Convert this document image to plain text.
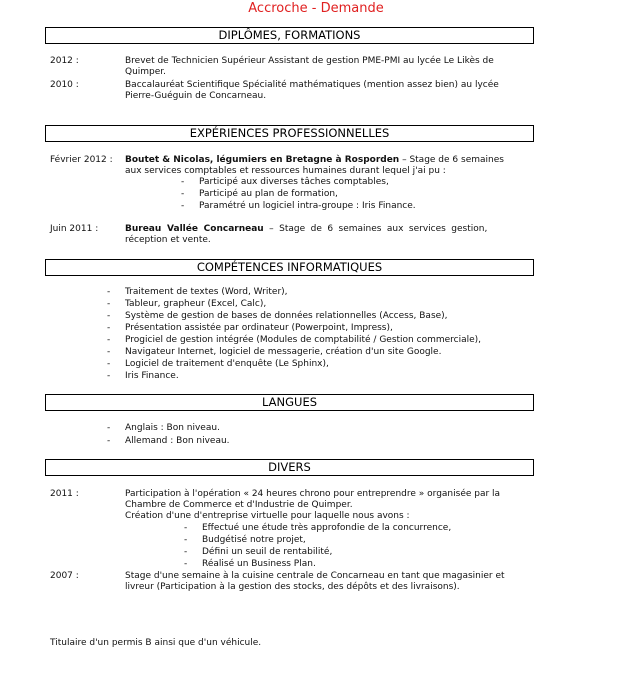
Accroche - Demande
DIPLÔMES, FORMATIONS
2012 :	Brevet de Technicien Supérieur Assistant de gestion PME-PMI au lycée Le Likès de
Quimper.
2010 :	Baccalauréat Scientifique Spécialité mathématiques (mention assez bien) au lycée
Pierre-Guéguin de Concarneau.
EXPÉRIENCES PROFESSIONNELLES
Février 2012 : Boutet & Nicolas, légumiers en Bretagne à Rosporden – Stage de 6 semaines
aux services comptables et ressources humaines durant lequel j'ai pu :
- Participé aux diverses tâches comptables,
- Participé au plan de formation,
- Paramétré un logiciel intra-groupe : Iris Finance.
Juin 2011 :	Bureau Vallée Concarneau – Stage de 6 semaines aux services gestion,
réception et vente.
COMPÉTENCES INFORMATIQUES
- Traitement de textes (Word, Writer),
- Tableur, grapheur (Excel, Calc),
- Système de gestion de bases de données relationnelles (Access, Base),
- Présentation assistée par ordinateur (Powerpoint, Impress),
- Progiciel de gestion intégrée (Modules de comptabilité / Gestion commerciale),
- Navigateur Internet, logiciel de messagerie, création d'un site Google.
- Logiciel de traitement d'enquête (Le Sphinx),
- Iris Finance.
LANGUES
- Anglais : Bon niveau.
- Allemand : Bon niveau.
DIVERS
2011 :	Participation à l'opération « 24 heures chrono pour entreprendre » organisée par la
Chambre de Commerce et d'Industrie de Quimper.
Création d'une d'entreprise virtuelle pour laquelle nous avons :
- Effectué une étude très approfondie de la concurrence,
- Budgétisé notre projet,
- Défini un seuil de rentabilité,
- Réalisé un Business Plan.
2007 :	Stage d'une semaine à la cuisine centrale de Concarneau en tant que magasinier et
livreur (Participation à la gestion des stocks, des dépôts et des livraisons).
Titulaire d'un permis B ainsi que d'un véhicule.
